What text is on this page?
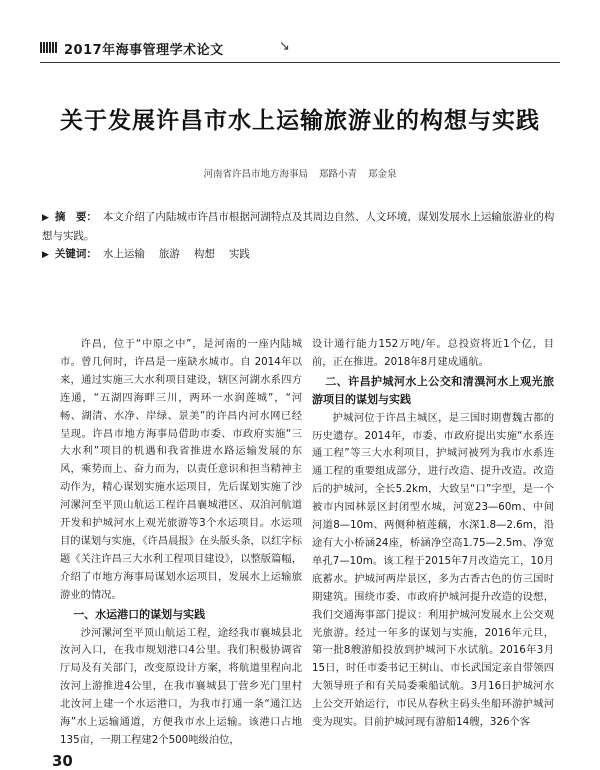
2017年海事管理学术论文	↘
关于发展许昌市水上运输旅游业的构想与实践
河南省许昌市地方海事局 郑路小青 郑金泉
▶ 摘　要： 本文介绍了内陆城市许昌市根据河湖特点及其周边自然、人文环境，谋划发展水上运输旅游业的构想与实践。
▶ 关键词： 水上运输 旅游 构想 实践

许昌，位于“中原之中”，是河南的一座内陆城市。曾几何时，许昌是一座缺水城市。自 2014年以来，通过实施三大水利项目建设，辖区河湖水系四方连通，“五湖四海畔三川，两环一水润莲城”，“河畅、湖清、水净、岸绿、景美”的许昌内河水网已经呈现。许昌市地方海事局借助市委、市政府实施“三大水利”项目的机遇和我省推进水路运输发展的东风，乘势而上、奋力而为，以责任意识和担当精神主动作为，精心谋划实施水运项目，先后谋划实施了沙河漯河至平顶山航运工程许昌襄城港区、双洎河航道开发和护城河水上观光旅游等3个水运项目。水运项目的谋划与实施，《许昌晨报》在头版头条，以红字标题《关注许昌三大水利工程项目建设》，以整版篇幅，介绍了市地方海事局谋划水运项目，发展水上运输旅游业的情况。

一、水运港口的谋划与实践

沙河漯河至平顶山航运工程，途经我市襄城县北汝河入口，在我市规划港口4公里。我们积极协调省厅局及有关部门，改变原设计方案，将航道里程向北汝河上游推进4公里，在我市襄城县丁营乡光门里村北汝河上建一个水运港口，为我市打通一条“通江达海”水上运输通道，方便我市水上运输。该港口占地135亩，一期工程建2个500吨级泊位，

设计通行能力152万吨/年。总投资将近1个亿，目前，正在推进。2018年8月建成通航。

二、许昌护城河水上公交和清潩河水上观光旅游项目的谋划与实践

护城河位于许昌主城区，是三国时期曹魏古都的历史遗存。2014年，市委、市政府提出实施“水系连通工程”等三大水利项目，护城河被列为我市水系连通工程的重要组成部分，进行改造、提升改造。改造后的护城河，全长5.2km，大致呈“口”字型，是一个被市内园林景区封闭型水城，河宽23—60m、中间河道8—10m、两侧种植莲藕，水深1.8—2.6m，沿途有大小桥涵24座，桥涵净空高1.75—2.5m、净宽单孔7—10m。该工程于2015年7月改造完工，10月底蓄水。护城河两岸景区，多为古香古色的仿三国时期建筑。围绕市委、市政府护城河提升改造的设想，我们交通海事部门提议：利用护城河发展水上公交观光旅游。经过一年多的谋划与实施，2016年元旦，第一批8艘游船投放到护城河下水试航。2016年3月15日，时任市委书记王树山、市长武国定亲自带领四大领导班子和有关局委乘船试航。3月16日护城河水上公交开始运行，市民从春秋主码头坐船环游护城河变为现实。目前护城河现有游船14艘，326个客

30
